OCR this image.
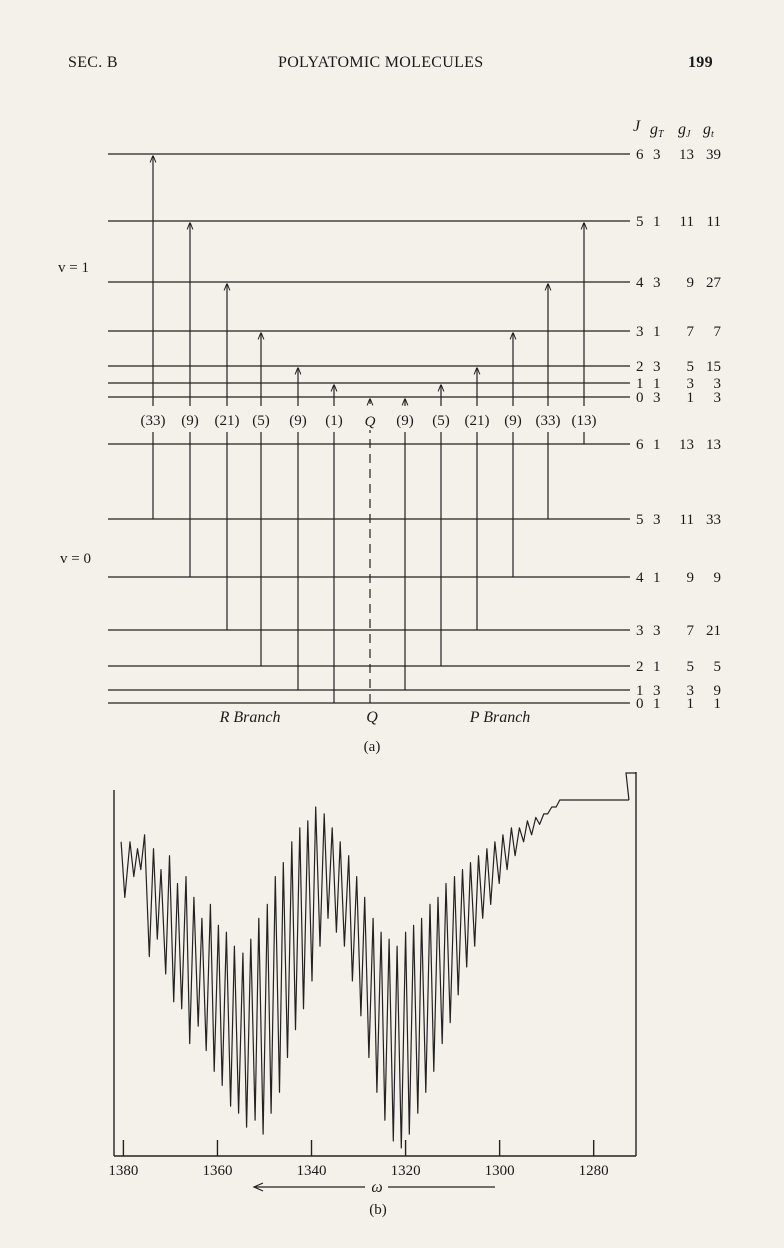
SEC. B	POLYATOMIC MOLECULES	199
J gT gJ gt
6 3 13 39
5 1 11 11
4 3 9 27
3 1 7 7
2 3 5 15
1 1 3 3
0 3 1 3
6 1 13 13
5 3 11 33
4 1 9 9
3 3 7 21
2 1 5 5
1 3 3 9
0 1 1 1
v = 1
v = 0
(33) (9) (21) (5) (9) (1) Q (9) (5) (21) (9) (33) (13)
R Branch	Q	P Branch
(a)
1380	1360	1340	1320	1300	1280
ω
(b)
